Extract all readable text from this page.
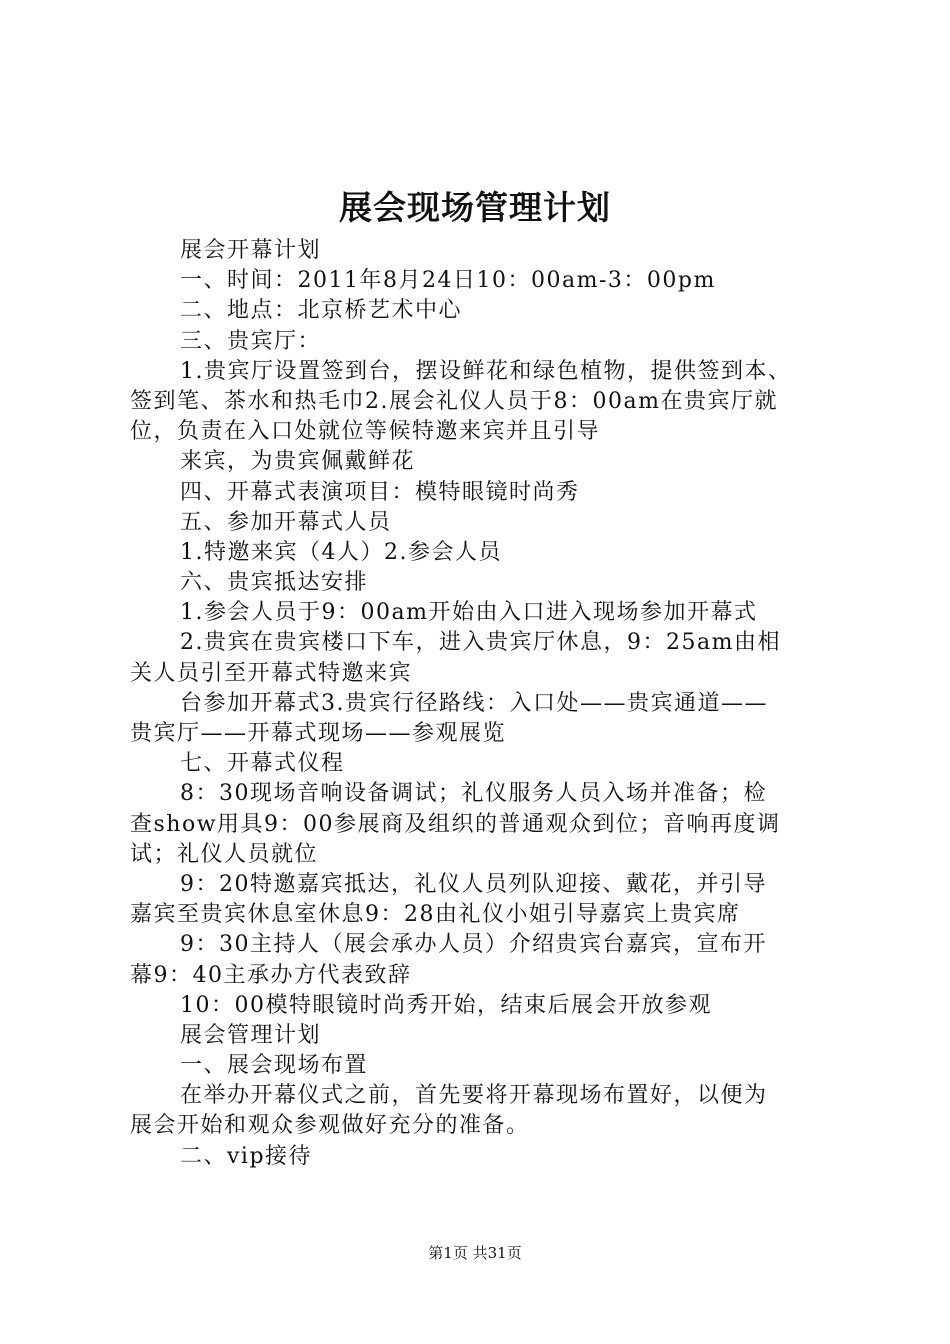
展会现场管理计划
展会开幕计划
一、时间：2011年8月24日10：00am-3：00pm
二、地点：北京桥艺术中心
三、贵宾厅：
1.贵宾厅设置签到台，摆设鲜花和绿色植物，提供签到本、
签到笔、茶水和热毛巾2.展会礼仪人员于8：00am在贵宾厅就
位，负责在入口处就位等候特邀来宾并且引导
来宾，为贵宾佩戴鲜花
四、开幕式表演项目：模特眼镜时尚秀
五、参加开幕式人员
1.特邀来宾（4人）2.参会人员
六、贵宾抵达安排
1.参会人员于9：00am开始由入口进入现场参加开幕式
2.贵宾在贵宾楼口下车，进入贵宾厅休息，9：25am由相
关人员引至开幕式特邀来宾
台参加开幕式3.贵宾行径路线：入口处——贵宾通道——
贵宾厅——开幕式现场——参观展览
七、开幕式仪程
8：30现场音响设备调试；礼仪服务人员入场并准备；检
查show用具9：00参展商及组织的普通观众到位；音响再度调
试；礼仪人员就位
9：20特邀嘉宾抵达，礼仪人员列队迎接、戴花，并引导
嘉宾至贵宾休息室休息9：28由礼仪小姐引导嘉宾上贵宾席
9：30主持人（展会承办人员）介绍贵宾台嘉宾，宣布开
幕9：40主承办方代表致辞
10：00模特眼镜时尚秀开始，结束后展会开放参观
展会管理计划
一、展会现场布置
在举办开幕仪式之前，首先要将开幕现场布置好，以便为
展会开始和观众参观做好充分的准备。
二、vip接待
第1页 共31页
